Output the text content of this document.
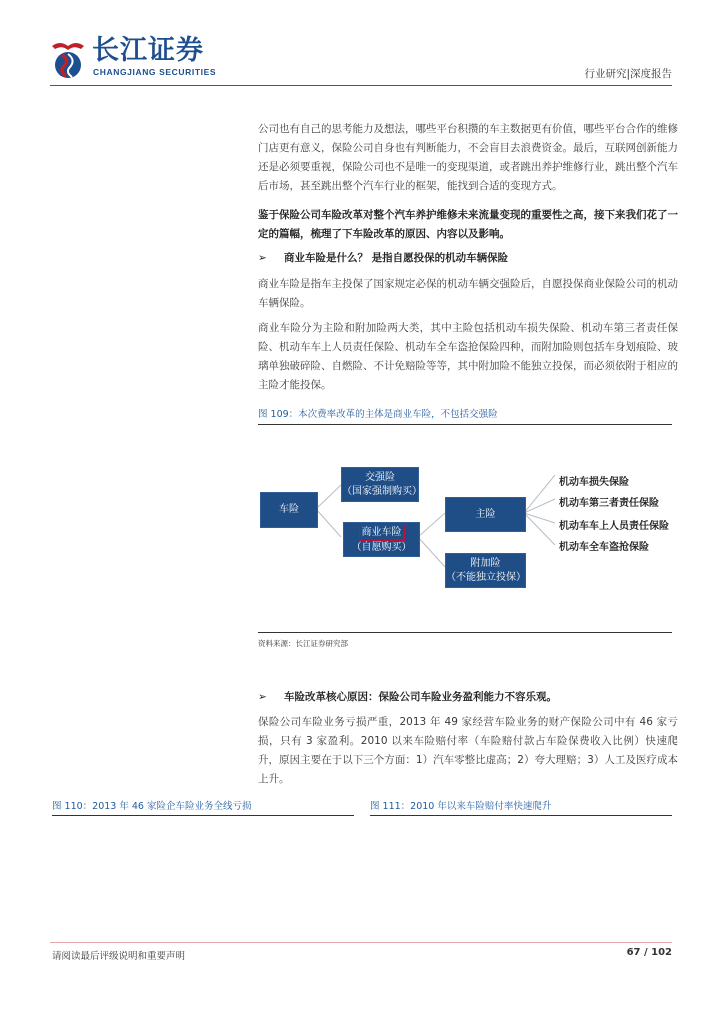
长江证券
CHANGJIANG SECURITIES	行业研究|深度报告
公司也有自己的思考能力及想法，哪些平台积攒的车主数据更有价值，哪些平台合作的维修门店更有意义，保险公司自身也有判断能力，不会盲目去浪费资金。最后，互联网创新能力还是必须要重视，保险公司也不是唯一的变现渠道，或者跳出养护维修行业，跳出整个汽车后市场，甚至跳出整个汽车行业的框架，能找到合适的变现方式。
鉴于保险公司车险改革对整个汽车养护维修未来流量变现的重要性之高，接下来我们花了一定的篇幅，梳理了下车险改革的原因、内容以及影响。
➢ 商业车险是什么？ 是指自愿投保的机动车辆保险
商业车险是指车主投保了国家规定必保的机动车辆交强险后，自愿投保商业保险公司的机动车辆保险。
商业车险分为主险和附加险两大类，其中主险包括机动车损失保险、机动车第三者责任保险、机动车车上人员责任保险、机动车全车盗抢保险四种，而附加险则包括车身划痕险、玻璃单独破碎险、自燃险、不计免赔险等等，其中附加险不能独立投保，而必须依附于相应的主险才能投保。
图 109：本次费率改革的主体是商业车险，不包括交强险
车险
交强险
（国家强制购买）
商业车险
（自愿购买）
主险
附加险
（不能独立投保）
机动车损失保险
机动车第三者责任保险
机动车车上人员责任保险
机动车全车盗抢保险
资料来源：长江证券研究部
➢ 车险改革核心原因：保险公司车险业务盈利能力不容乐观。
保险公司车险业务亏损严重，2013 年 49 家经营车险业务的财产保险公司中有 46 家亏损，只有 3 家盈利。2010 以来车险赔付率（车险赔付款占车险保费收入比例）快速爬升，原因主要在于以下三个方面：1）汽车零整比虚高；2）夸大理赔；3）人工及医疗成本上升。
图 110：2013 年 46 家险企车险业务全线亏损	图 111：2010 年以来车险赔付率快速爬升
请阅读最后评级说明和重要声明	67 / 102
